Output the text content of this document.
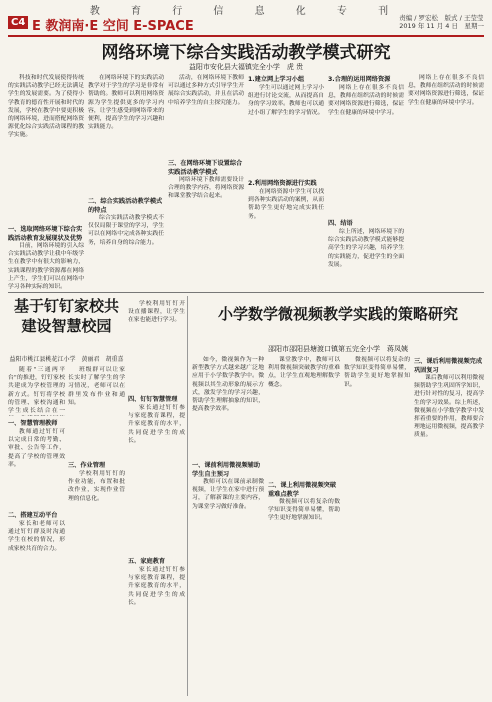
教 育 行 信 息 化 专 刊
C4 E 教润南·E 空间 E-SPACE
责编 / 罗宏松　版式 / 王莹莹
2019 年 11 月 4 日　星期一
网络环境下综合实践活动教学模式研究
益阳市安化县大福镇完全小学　虎 贵

科技和时代发展使得传统的实践活动教学已经无法满足学生的发展需要。为了使得小学教育的德育性开展和时代的发展，学校在教学中要更积极的网络环境，进而搭配网络资源优化综合实践活动课程的教学实施。

一、选取网络环境下综合实践活动教育发展现状及优势

目前，网络环境的引入综合实践活动教学让我中年级学生在教学中有很大的影响力，实践课程的教学资源都在网络上产生，学生们可以在网络中学习各种实际的知识。

在网络环境下的实践活动教学对于学生的学习是非常有帮助的。教师可以利用网络资源为学生提供更多的学习内容，让学生感受到网络带来的便利，提高学生的学习兴趣和实践能力。

二、综合实践活动教学模式的特点

综合实践活动教学模式不仅仅局限于课堂的学习，学生可以在网络中完成各种实践任务，培养自身的综合能力。

活动，在网络环境下教师可以通过多种方式引导学生开展综合实践活动，并且在活动中培养学生的自主探究能力。

三、在网络环境下设置综合实践活动教学模式

网络环境下教师需要设计合理的教学内容，将网络资源和课堂教学结合起来。

1.建立网上学习小组

学生可以通过网上学习小组进行讨论交流，从而提高自身的学习效率。教师也可以通过小组了解学生的学习情况。

2.利用网络资源进行实践

在网络资源中学生可以找到各种实践活动的案例，从而帮助学生更好地完成实践任务。

3.合理的运用网络资源

网络上存在很多不良信息，教师在组织活动的时候需要对网络资源进行筛选，保证学生在健康的环境中学习。

四、结语

综上所述，网络环境下的综合实践活动教学模式能够提高学生的学习兴趣，培养学生的实践能力，促进学生的全面发展。

网络上存在很多不良信息，教师在组织活动的时候需要对网络资源进行筛选，保证学生在健康的环境中学习。

基于钉钉家校共建设智慧校园
益阳市桃江县桃花江小学　黄丽君　胡重喜

随着"三通两平台"的推进，钉钉家校共建成为学校管理的新方式。钉钉将学校的管理、家校沟通和学生成长结合在一

一、智慧管理教师

教师通过钉钉可以完成日常的考勤、审批、公告等工作，提高了学校的管理效率。

二、搭建互动平台

家长和老师可以通过钉钉群及时沟通学生在校的情况，形成家校共育的合力。

班级群可以让家长实时了解学生的学习情况，老师可以在群里发布作业和通知。

三、作业管理

学校利用钉钉的作业功能，布置和批改作业，实现作业管理的信息化。

学校利用钉钉开设直播课程，让学生在家也能进行学习。

四、钉钉智慧管理

家长通过钉钉参与家庭教育课程，提升家庭教育的水平，共同促进学生的成长。

五、家庭教育

家长通过钉钉参与家庭教育课程，提升家庭教育的水平，共同促进学生的成长。

小学数学微视频教学实践的策略研究
邵阳市邵阳县塘渡口镇第五完全小学　蒋凤姨

如今，微视频作为一种新型教学方式越来越广泛地应用于小学数学教学中。微视频以其生动形象的展示方式，激发学生的学习兴趣，帮助学生理解抽象的知识，提高教学效率。

一、课前利用微视频辅助学生自主预习

教师可以在课前录制微视频，让学生在家中进行预习，了解新课的主要内容，为课堂学习做好准备。

课堂教学中，教师可以利用微视频突破教学的重难点，让学生直观地理解数学概念。

二、课上利用微视频突破重难点教学

微视频可以将复杂的数学知识变得简单易懂，帮助学生更好地掌握知识。

微视频可以将复杂的数学知识变得简单易懂，帮助学生更好地掌握知识。

三、课后利用微视频完成巩固复习

课后教师可以利用微视频帮助学生巩固所学知识，进行针对性的复习，提高学生的学习效果。综上所述，微视频在小学数学教学中发挥着重要的作用，教师要合理地运用微视频，提高教学质量。
